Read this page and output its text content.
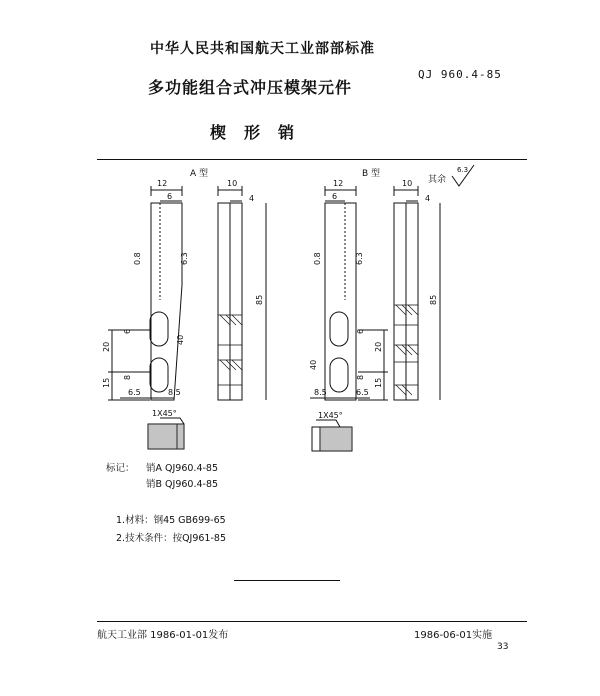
中华人民共和国航天工业部部标准
多功能组合式冲压模架元件
QJ 960.4-85
楔形销
A 型	B 型
其余
6.3
12
6
0.8	6.3
20
15
6
8
40
6.5	8.5
10
4
85
1X45°
12
6
0.8	6.3
40
20
15
6
8
8.5	6.5
10
4
85
1X45°
标记： 销A QJ960.4-85
销B QJ960.4-85
1.材料：钢45 GB699-65
2.技术条件：按QJ961-85
航天工业部 1986-01-01发布	1986-06-01实施
33
